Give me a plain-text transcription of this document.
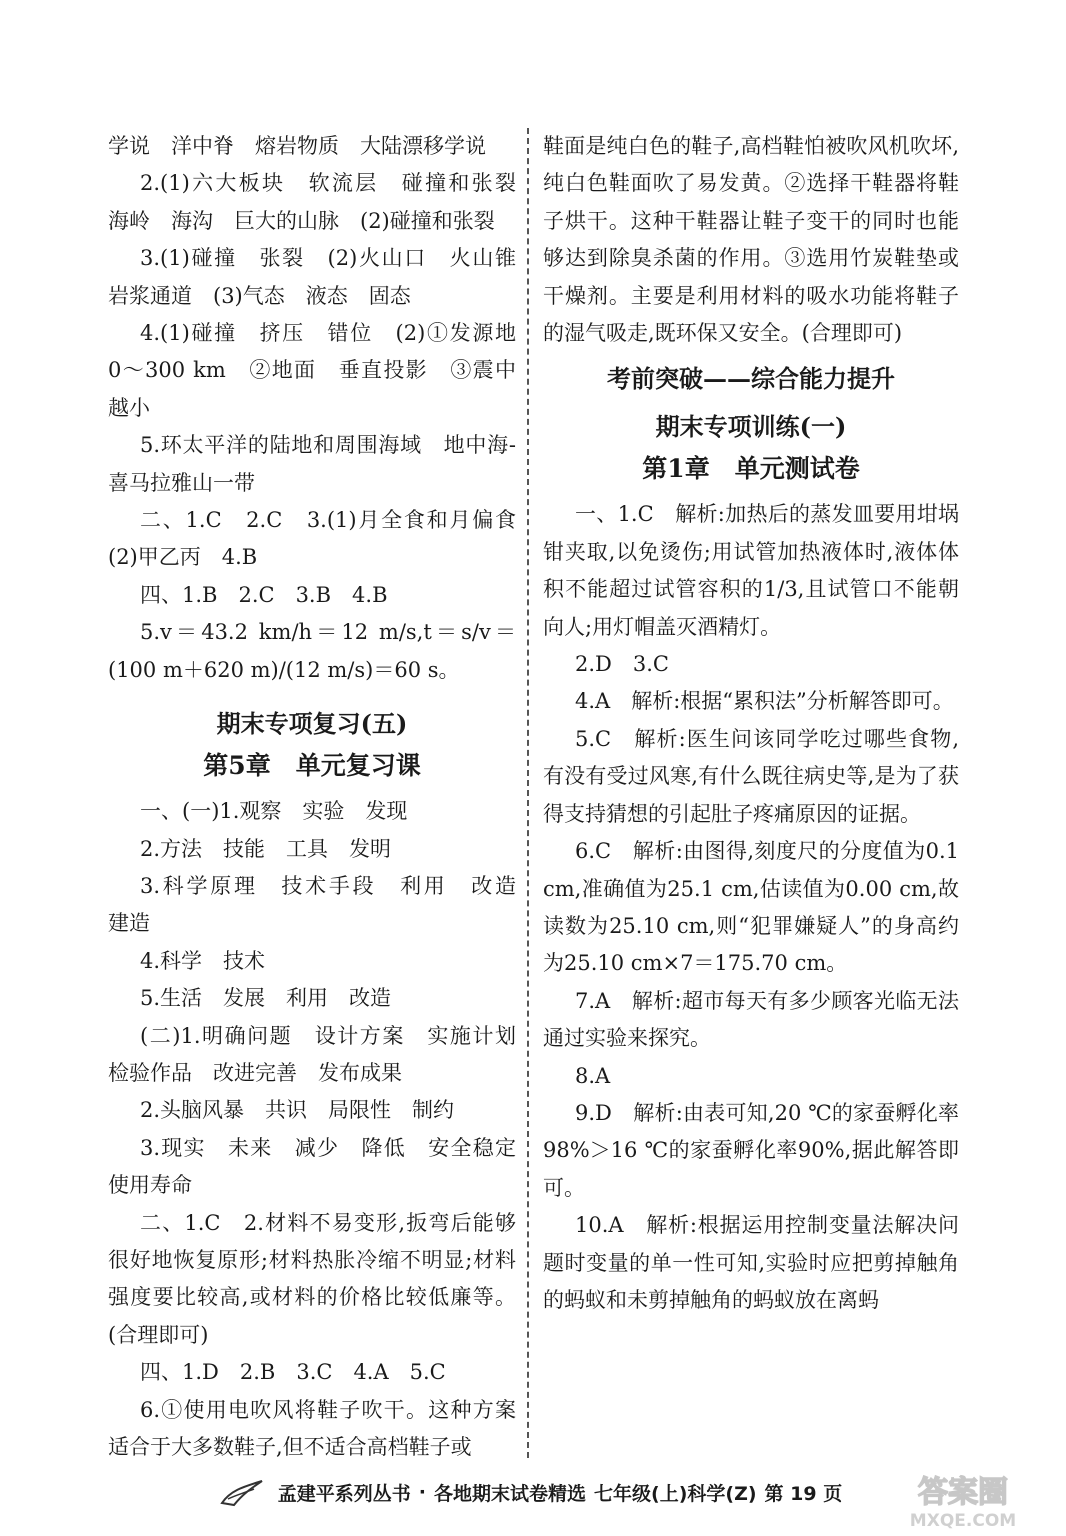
学说　洋中脊　熔岩物质　大陆漂移学说

2.(1)六大板块　软流层　碰撞和张裂　海岭　海沟　巨大的山脉　(2)碰撞和张裂

3.(1)碰撞　张裂　(2)火山口　火山锥　岩浆通道　(3)气态　液态　固态

4.(1)碰撞　挤压　错位　(2)①发源地　0～300 km　②地面　垂直投影　③震中　越小

5.环太平洋的陆地和周围海域　地中海-喜马拉雅山一带

二、1.C　2.C　3.(1)月全食和月偏食　(2)甲乙丙　4.B

四、1.B　2.C　3.B　4.B

5.v＝43.2 km/h＝12 m/s,t＝s/v＝(100 m＋620 m)/(12 m/s)＝60 s。

期末专项复习(五)
第5章　单元复习课

一、(一)1.观察　实验　发现

2.方法　技能　工具　发明

3.科学原理　技术手段　利用　改造　建造

4.科学　技术

5.生活　发展　利用　改造

(二)1.明确问题　设计方案　实施计划　检验作品　改进完善　发布成果

2.头脑风暴　共识　局限性　制约

3.现实　未来　减少　降低　安全稳定　使用寿命

二、1.C　2.材料不易变形,扳弯后能够很好地恢复原形;材料热胀冷缩不明显;材料强度要比较高,或材料的价格比较低廉等。(合理即可)

四、1.D　2.B　3.C　4.A　5.C

6.①使用电吹风将鞋子吹干。这种方案适合于大多数鞋子,但不适合高档鞋子或

鞋面是纯白色的鞋子,高档鞋怕被吹风机吹坏,纯白色鞋面吹了易发黄。②选择干鞋器将鞋子烘干。这种干鞋器让鞋子变干的同时也能够达到除臭杀菌的作用。③选用竹炭鞋垫或干燥剂。主要是利用材料的吸水功能将鞋子的湿气吸走,既环保又安全。(合理即可)

考前突破——综合能力提升
期末专项训练(一)
第1章　单元测试卷

一、1.C　解析:加热后的蒸发皿要用坩埚钳夹取,以免烫伤;用试管加热液体时,液体体积不能超过试管容积的1/3,且试管口不能朝向人;用灯帽盖灭酒精灯。

2.D　3.C

4.A　解析:根据“累积法”分析解答即可。

5.C　解析:医生问该同学吃过哪些食物,有没有受过风寒,有什么既往病史等,是为了获得支持猜想的引起肚子疼痛原因的证据。

6.C　解析:由图得,刻度尺的分度值为0.1 cm,准确值为25.1 cm,估读值为0.00 cm,故读数为25.10 cm,则“犯罪嫌疑人”的身高约为25.10 cm×7＝175.70 cm。

7.A　解析:超市每天有多少顾客光临无法通过实验来探究。

8.A

9.D　解析:由表可知,20 ℃的家蚕孵化率98%＞16 ℃的家蚕孵化率90%,据此解答即可。

10.A　解析:根据运用控制变量法解决问题时变量的单一性可知,实验时应把剪掉触角的蚂蚁和未剪掉触角的蚂蚁放在离蚂

孟建平系列丛书 · 各地期末试卷精选 七年级(上)科学(Z) 第 19 页	答案圈
MXQE.COM
